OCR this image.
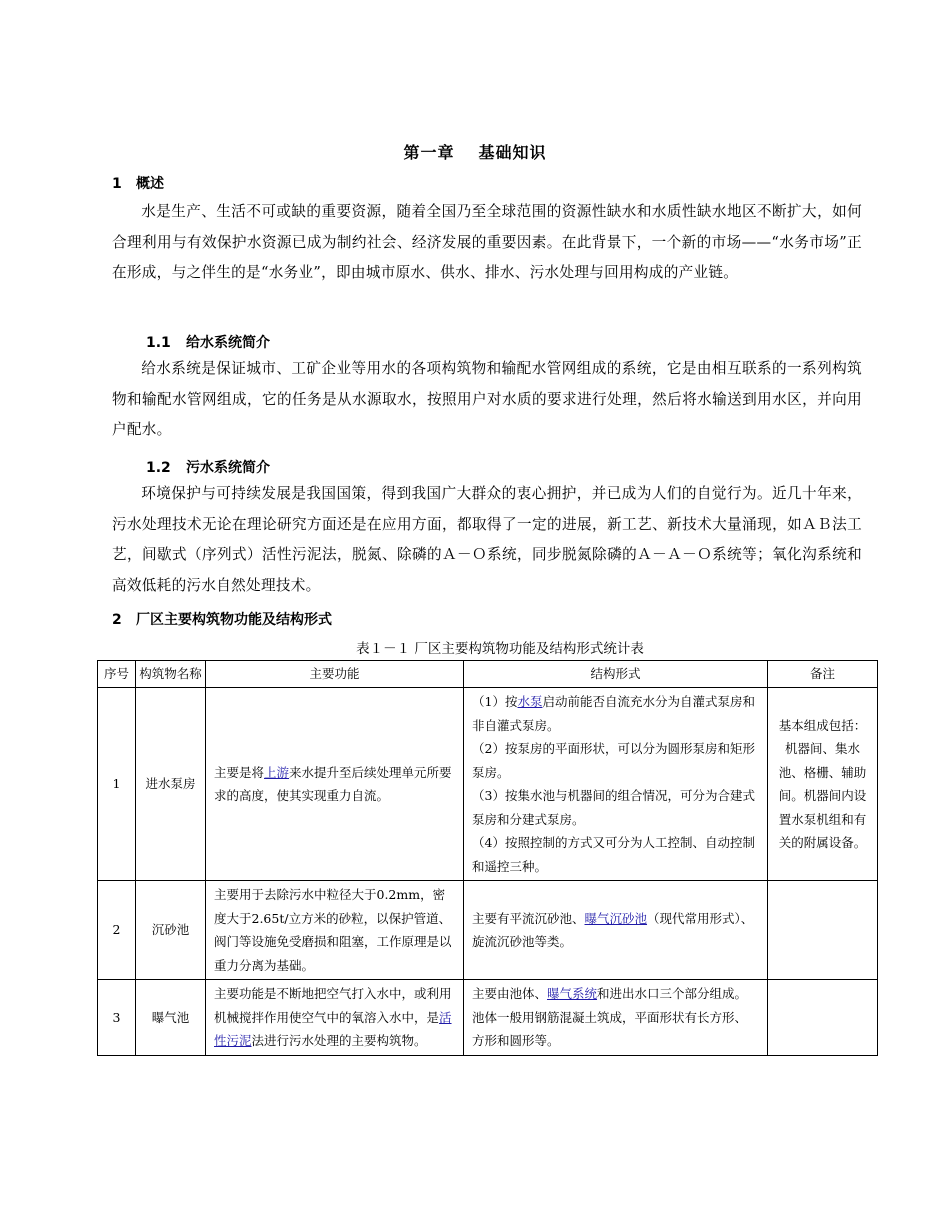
第一章 基础知识
1 概述
水是生产、生活不可或缺的重要资源，随着全国乃至全球范围的资源性缺水和水质性缺水地区不断扩大，如何合理利用与有效保护水资源已成为制约社会、经济发展的重要因素。在此背景下，一个新的市场——“水务市场”正在形成，与之伴生的是“水务业”，即由城市原水、供水、排水、污水处理与回用构成的产业链。
1.1 给水系统简介
给水系统是保证城市、工矿企业等用水的各项构筑物和输配水管网组成的系统，它是由相互联系的一系列构筑物和输配水管网组成，它的任务是从水源取水，按照用户对水质的要求进行处理，然后将水输送到用水区，并向用户配水。
1.2 污水系统简介
环境保护与可持续发展是我国国策，得到我国广大群众的衷心拥护，并已成为人们的自觉行为。近几十年来，污水处理技术无论在理论研究方面还是在应用方面，都取得了一定的进展，新工艺、新技术大量涌现，如ＡＢ法工艺，间歇式（序列式）活性污泥法，脱氮、除磷的Ａ－Ｏ系统，同步脱氮除磷的Ａ－Ａ－Ｏ系统等；氧化沟系统和高效低耗的污水自然处理技术。
2 厂区主要构筑物功能及结构形式
表１－１ 厂区主要构筑物功能及结构形式统计表
序号	构筑物名称	主要功能	结构形式	备注
1	进水泵房	主要是将上游来水提升至后续处理单元所要求的高度，使其实现重力自流。	（1）按水泵启动前能否自流充水分为自灌式泵房和非自灌式泵房。
（2）按泵房的平面形状，可以分为圆形泵房和矩形泵房。
（3）按集水池与机器间的组合情况，可分为合建式泵房和分建式泵房。
（4）按照控制的方式又可分为人工控制、自动控制和遥控三种。	基本组成包括：机器间、集水池、格栅、辅助间。机器间内设置水泵机组和有关的附属设备。
2	沉砂池	主要用于去除污水中粒径大于0.2mm，密度大于2.65t/立方米的砂粒，以保护管道、阀门等设施免受磨损和阻塞，工作原理是以重力分离为基础。	主要有平流沉砂池、曝气沉砂池（现代常用形式）、旋流沉砂池等类。	
3	曝气池	主要功能是不断地把空气打入水中，或利用机械搅拌作用使空气中的氧溶入水中，是活性污泥法进行污水处理的主要构筑物。	主要由池体、曝气系统和进出水口三个部分组成。池体一般用钢筋混凝土筑成，平面形状有长方形、方形和圆形等。	
